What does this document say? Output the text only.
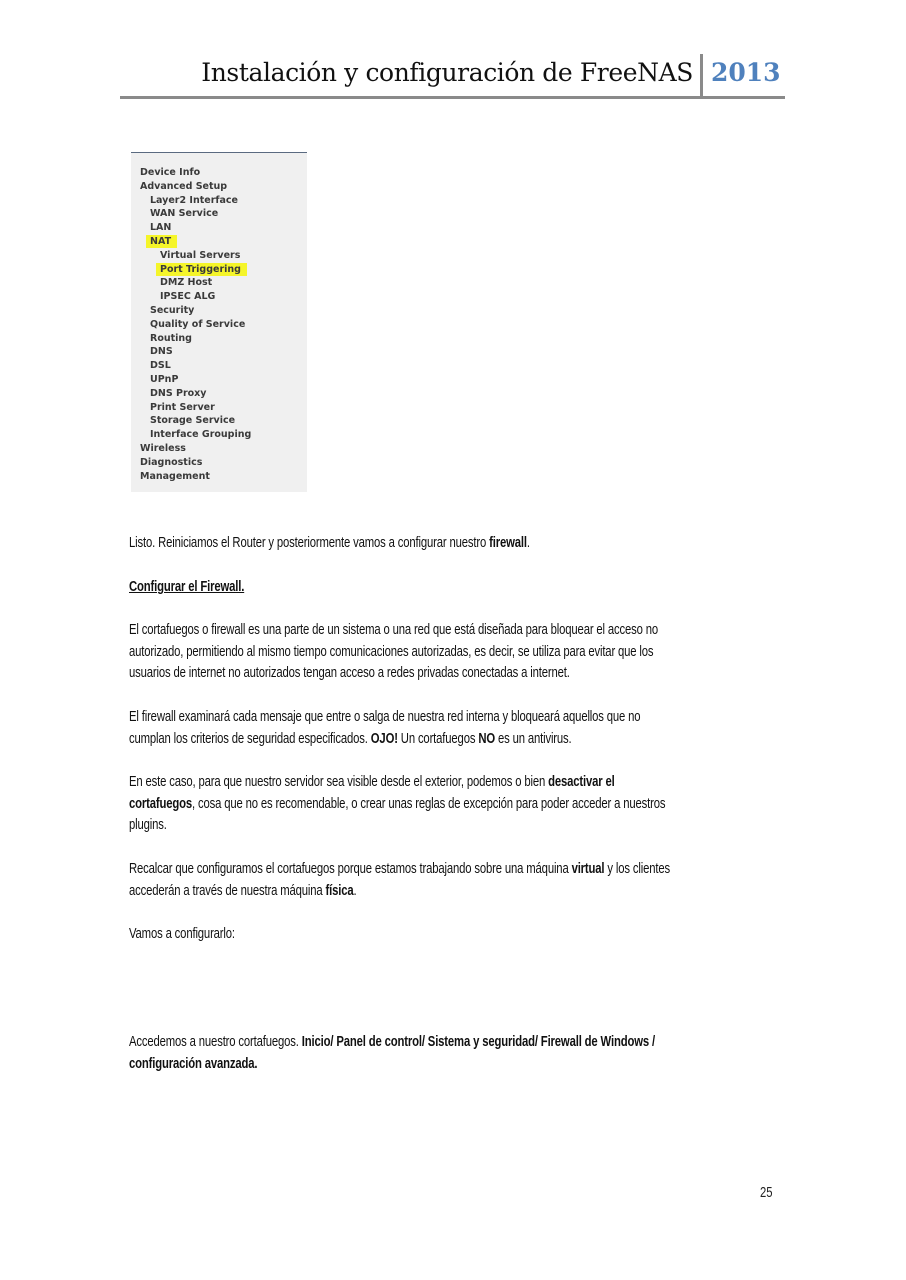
Instalación y configuración de FreeNAS 2013
Device Info
Advanced Setup
Layer2 Interface
WAN Service
LAN
NAT
Virtual Servers
Port Triggering
DMZ Host
IPSEC ALG
Security
Quality of Service
Routing
DNS
DSL
UPnP
DNS Proxy
Print Server
Storage Service
Interface Grouping
Wireless
Diagnostics
Management
Listo. Reiniciamos el Router y posteriormente vamos a configurar nuestro firewall.
Configurar el Firewall.
El cortafuegos o firewall es una parte de un sistema o una red que está diseñada para bloquear el acceso no
autorizado, permitiendo al mismo tiempo comunicaciones autorizadas, es decir, se utiliza para evitar que los
usuarios de internet no autorizados tengan acceso a redes privadas conectadas a internet.
El firewall examinará cada mensaje que entre o salga de nuestra red interna y bloqueará aquellos que no
cumplan los criterios de seguridad especificados. OJO! Un cortafuegos NO es un antivirus.
En este caso, para que nuestro servidor sea visible desde el exterior, podemos o bien desactivar el
cortafuegos, cosa que no es recomendable, o crear unas reglas de excepción para poder acceder a nuestros
plugins.
Recalcar que configuramos el cortafuegos porque estamos trabajando sobre una máquina virtual y los clientes
accederán a través de nuestra máquina física.
Vamos a configurarlo:
Accedemos a nuestro cortafuegos. Inicio/ Panel de control/ Sistema y seguridad/ Firewall de Windows /
configuración avanzada.
25
